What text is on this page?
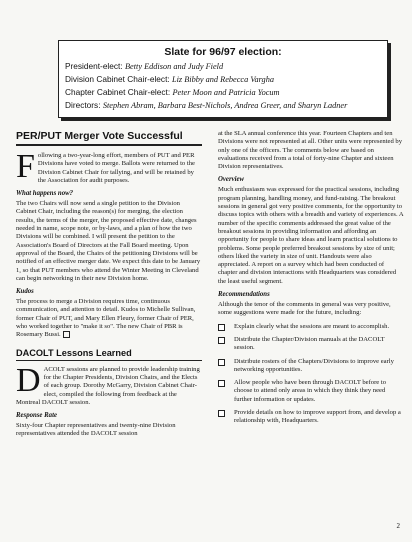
Slate for 96/97 election:
President-elect: Betty Eddison and Judy Field
Division Cabinet Chair-elect: Liz Bibby and Rebecca Vargha
Chapter Cabinet Chair-elect: Peter Moon and Patricia Yocum
Directors: Stephen Abram, Barbara Best-Nichols, Andrea Greer, and Sharyn Ladner
PER/PUT Merger Vote Successful

Following a two-year-long effort, members of PUT and PER Divisions have voted to merge. Ballots were returned to the Division Cabinet Chair for tallying, and will be retained by the Association for audit purposes.

What happens now?

The two Chairs will now send a single petition to the Division Cabinet Chair, including the reason(s) for merging, the election results, the terms of the merger, the proposed effective date, changes needed in name, scope note, or by-laws, and a plan of how the two Divisions will be combined. I will present the petition to the Association's Board of Directors at the Fall Board meeting. Upon approval of the Board, the Chairs of the petitioning Divisions will be notified of an effective merger date. We expect this date to be January 1, so that PUT members who attend the Winter Meeting in Cleveland can begin networking in their new Division home.

Kudos

The process to merge a Division requires time, continuous communication, and attention to detail. Kudos to Michelle Sullivan, former Chair of PUT, and Mary Ellen Fleury, former Chair of PER, who worked together to "make it so". The new Chair of PBR is Rosemary Bussi.

DACOLT Lessons Learned

DACOLT sessions are planned to provide leadership training for the Chapter Presidents, Division Chairs, and the Elects of each group. Dorothy McGarry, Division Cabinet Chair-elect, compiled the following from feedback at the Montreal DACOLT session.

Response Rate

Sixty-four Chapter representatives and twenty-nine Division representatives attended the DACOLT session

at the SLA annual conference this year. Fourteen Chapters and ten Divisions were not represented at all. Other units were represented by only one of the officers. The comments below are based on evaluations received from a total of forty-nine Chapter and sixteen Division representatives.

Overview

Much enthusiasm was expressed for the practical sessions, including program planning, handling money, and fund-raising. The breakout sessions in general got very positive comments, for the opportunity to discuss topics with others with a breadth and variety of experiences. A number of the specific comments addressed the great value of the breakout sessions in providing information and affording an opportunity for people to share ideas and learn practical solutions to problems. Some people preferred breakout sessions by size of unit; others liked the variety in size of unit. Handouts were also appreciated. A report on a survey which had been conducted of chapter and division interactions with Headquarters was considered the least useful segment.

Recommendations

Although the tenor of the comments in general was very positive, some suggestions were made for the future, including:

Explain clearly what the sessions are meant to accomplish.
Distribute the Chapter/Division manuals at the DACOLT session.
Distribute rosters of the Chapters/Divisions to improve early networking opportunities.
Allow people who have been through DACOLT before to choose to attend only areas in which they think they need further information or updates.
Provide details on how to improve support from, and develop a relationship with, Headquarters.
2
